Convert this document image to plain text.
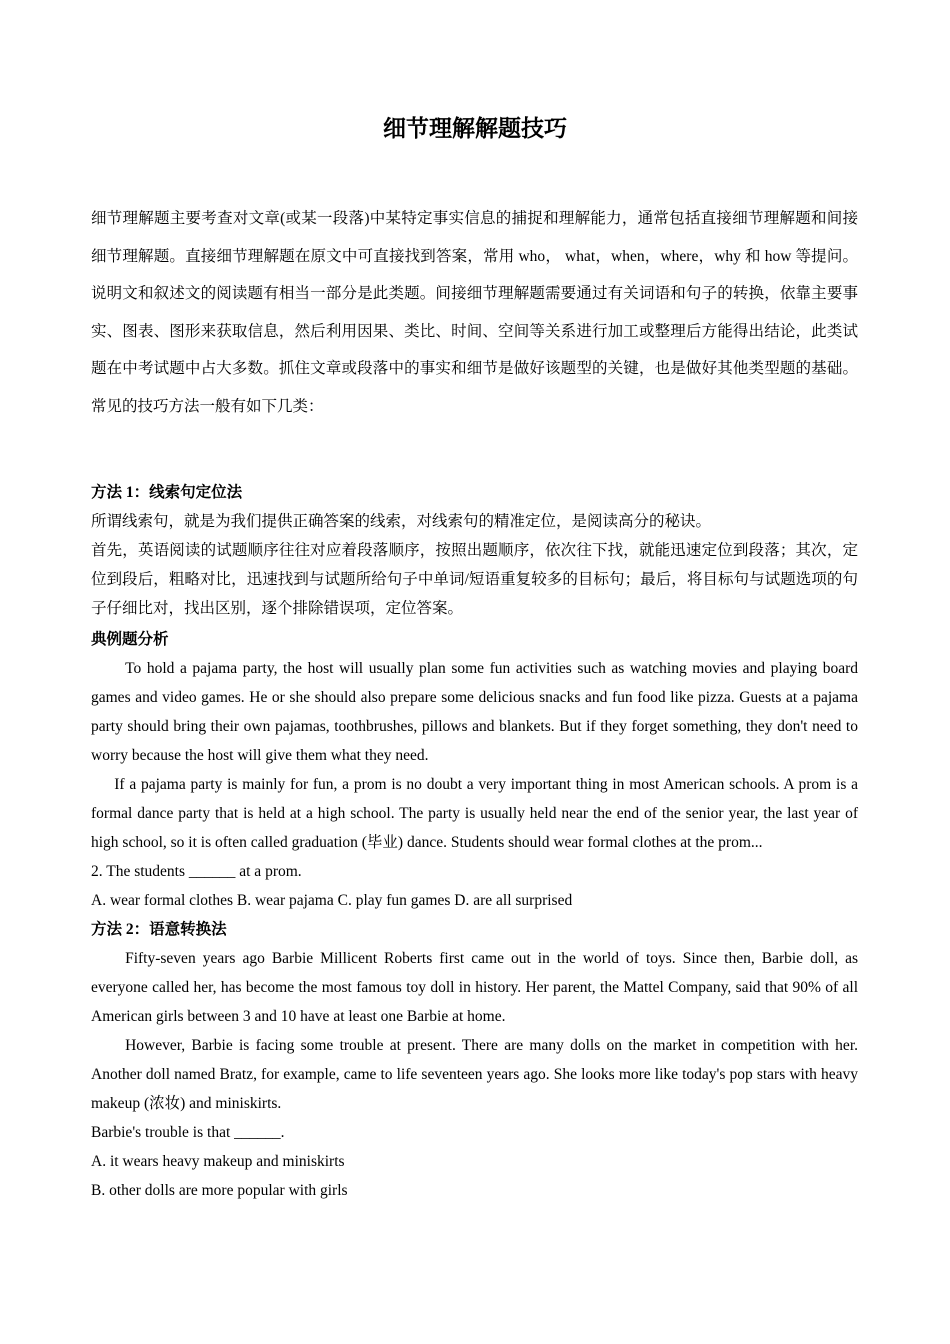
细节理解解题技巧

细节理解题主要考查对文章(或某一段落)中某特定事实信息的捕捉和理解能力，通常包括直接细节理解题和间接细节理解题。直接细节理解题在原文中可直接找到答案，常用 who， what，when，where，why 和 how 等提问。说明文和叙述文的阅读题有相当一部分是此类题。间接细节理解题需要通过有关词语和句子的转换，依靠主要事实、图表、图形来获取信息，然后利用因果、类比、时间、空间等关系进行加工或整理后方能得出结论，此类试题在中考试题中占大多数。抓住文章或段落中的事实和细节是做好该题型的关键，也是做好其他类型题的基础。常见的技巧方法一般有如下几类：

方法 1：线索句定位法

所谓线索句，就是为我们提供正确答案的线索，对线索句的精准定位，是阅读高分的秘诀。

首先，英语阅读的试题顺序往往对应着段落顺序，按照出题顺序，依次往下找，就能迅速定位到段落；其次，定位到段后，粗略对比，迅速找到与试题所给句子中单词/短语重复较多的目标句；最后，将目标句与试题选项的句子仔细比对，找出区别，逐个排除错误项，定位答案。

典例题分析

To hold a pajama party, the host will usually plan some fun activities such as watching movies and playing board games and video games. He or she should also prepare some delicious snacks and fun food like pizza. Guests at a pajama party should bring their own pajamas, toothbrushes, pillows and blankets. But if they forget something, they don't need to worry because the host will give them what they need.

If a pajama party is mainly for fun, a prom is no doubt a very important thing in most American schools. A prom is a formal dance party that is held at a high school. The party is usually held near the end of the senior year, the last year of high school, so it is often called graduation (毕业) dance. Students should wear formal clothes at the prom...

2. The students ______ at a prom.

A. wear formal clothes B. wear pajama C. play fun games D. are all surprised

方法 2：语意转换法

Fifty-seven years ago Barbie Millicent Roberts first came out in the world of toys. Since then, Barbie doll, as everyone called her, has become the most famous toy doll in history. Her parent, the Mattel Company, said that 90% of all American girls between 3 and 10 have at least one Barbie at home.

However, Barbie is facing some trouble at present. There are many dolls on the market in competition with her. Another doll named Bratz, for example, came to life seventeen years ago. She looks more like today's pop stars with heavy makeup (浓妆) and miniskirts.

Barbie's trouble is that ______.

A. it wears heavy makeup and miniskirts

B. other dolls are more popular with girls
